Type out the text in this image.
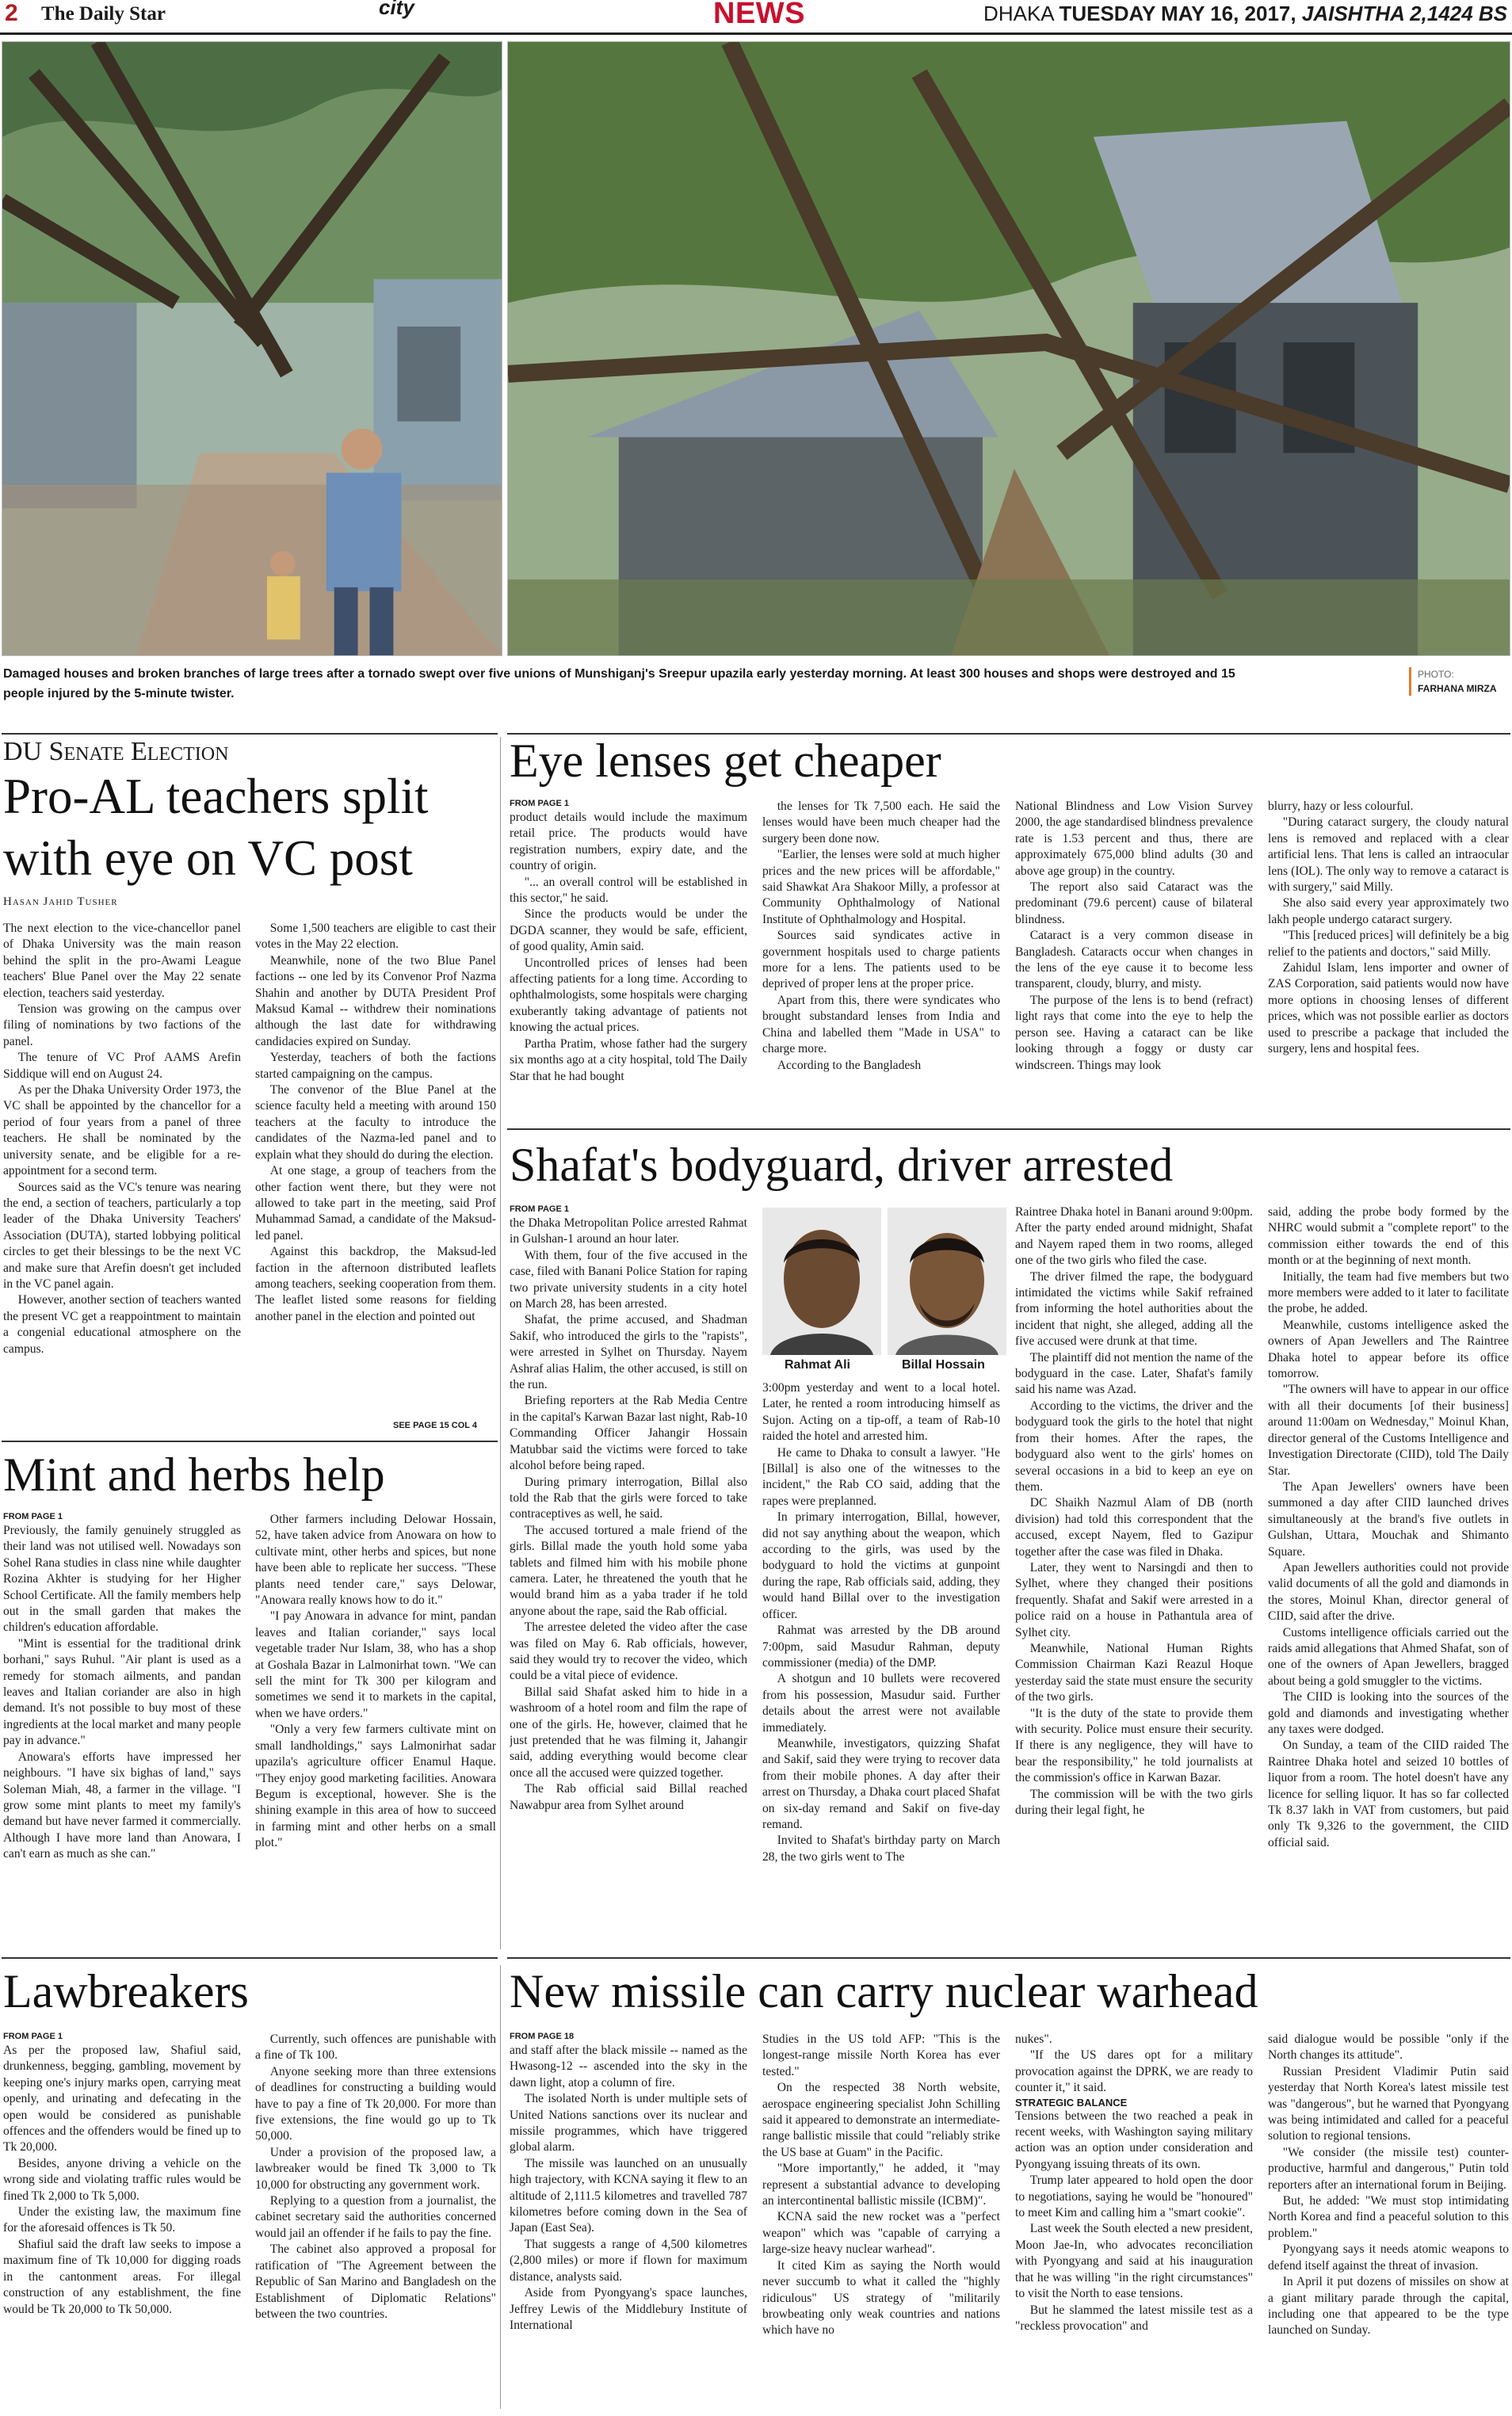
2 The Daily Star	city	NEWS	DHAKA TUESDAY MAY 16, 2017, JAISHTHA 2,1424 BS
Damaged houses and broken branches of large trees after a tornado swept over five unions of Munshiganj's Sreepur upazila early yesterday morning. At least 300 houses and shops were destroyed and 15 people injured by the 5-minute twister.
PHOTO:
FARHANA MIRZA
DU Senate Election
Pro-AL teachers split
with eye on VC post
Hasan Jahid Tusher

The next election to the vice-chancellor panel of Dhaka University was the main reason behind the split in the pro-Awami League teachers' Blue Panel over the May 22 senate election, teachers said yesterday.

Tension was growing on the campus over filing of nominations by two factions of the panel.

The tenure of VC Prof AAMS Arefin Siddique will end on August 24.

As per the Dhaka University Order 1973, the VC shall be appointed by the chancellor for a period of four years from a panel of three teachers. He shall be nominated by the university senate, and be eligible for a re-appointment for a second term.

Sources said as the VC's tenure was nearing the end, a section of teachers, particularly a top leader of the Dhaka University Teachers' Association (DUTA), started lobbying political circles to get their blessings to be the next VC and make sure that Arefin doesn't get included in the VC panel again.

However, another section of teachers wanted the present VC get a reappointment to maintain a congenial educational atmosphere on the campus.

Some 1,500 teachers are eligible to cast their votes in the May 22 election.

Meanwhile, none of the two Blue Panel factions -- one led by its Convenor Prof Nazma Shahin and another by DUTA President Prof Maksud Kamal -- withdrew their nominations although the last date for withdrawing candidacies expired on Sunday.

Yesterday, teachers of both the factions started campaigning on the campus.

The convenor of the Blue Panel at the science faculty held a meeting with around 150 teachers at the faculty to introduce the candidates of the Nazma-led panel and to explain what they should do during the election.

At one stage, a group of teachers from the other faction went there, but they were not allowed to take part in the meeting, said Prof Muhammad Samad, a candidate of the Maksud-led panel.

Against this backdrop, the Maksud-led faction in the afternoon distributed leaflets among teachers, seeking cooperation from them. The leaflet listed some reasons for fielding another panel in the election and pointed out

SEE PAGE 15 COL 4
Mint and herbs help
FROM PAGE 1

Previously, the family genuinely struggled as their land was not utilised well. Nowadays son Sohel Rana studies in class nine while daughter Rozina Akhter is studying for her Higher School Certificate. All the family members help out in the small garden that makes the children's education affordable.

"Mint is essential for the traditional drink borhani," says Ruhul. "Air plant is used as a remedy for stomach ailments, and pandan leaves and Italian coriander are also in high demand. It's not possible to buy most of these ingredients at the local market and many people pay in advance."

Anowara's efforts have impressed her neighbours. "I have six bighas of land," says Soleman Miah, 48, a farmer in the village. "I grow some mint plants to meet my family's demand but have never farmed it commercially. Although I have more land than Anowara, I can't earn as much as she can."

Other farmers including Delowar Hossain, 52, have taken advice from Anowara on how to cultivate mint, other herbs and spices, but none have been able to replicate her success. "These plants need tender care," says Delowar, "Anowara really knows how to do it."

"I pay Anowara in advance for mint, pandan leaves and Italian coriander," says local vegetable trader Nur Islam, 38, who has a shop at Goshala Bazar in Lalmonirhat town. "We can sell the mint for Tk 300 per kilogram and sometimes we send it to markets in the capital, when we have orders."

"Only a very few farmers cultivate mint on small landholdings," says Lalmonirhat sadar upazila's agriculture officer Enamul Haque. "They enjoy good marketing facilities. Anowara Begum is exceptional, however. She is the shining example in this area of how to succeed in farming mint and other herbs on a small plot."

Lawbreakers
FROM PAGE 1

As per the proposed law, Shafiul said, drunkenness, begging, gambling, movement by keeping one's injury marks open, carrying meat openly, and urinating and defecating in the open would be considered as punishable offences and the offenders would be fined up to Tk 20,000.

Besides, anyone driving a vehicle on the wrong side and violating traffic rules would be fined Tk 2,000 to Tk 5,000.

Under the existing law, the maximum fine for the aforesaid offences is Tk 50.

Shafiul said the draft law seeks to impose a maximum fine of Tk 10,000 for digging roads in the cantonment areas. For illegal construction of any establishment, the fine would be Tk 20,000 to Tk 50,000.

Currently, such offences are punishable with a fine of Tk 100.

Anyone seeking more than three extensions of deadlines for constructing a building would have to pay a fine of Tk 20,000. For more than five extensions, the fine would go up to Tk 50,000.

Under a provision of the proposed law, a lawbreaker would be fined Tk 3,000 to Tk 10,000 for obstructing any government work.

Replying to a question from a journalist, the cabinet secretary said the authorities concerned would jail an offender if he fails to pay the fine.

The cabinet also approved a proposal for ratification of "The Agreement between the Republic of San Marino and Bangladesh on the Establishment of Diplomatic Relations" between the two countries.

Eye lenses get cheaper
FROM PAGE 1

product details would include the maximum retail price. The products would have registration numbers, expiry date, and the country of origin.

"... an overall control will be established in this sector," he said.

Since the products would be under the DGDA scanner, they would be safe, efficient, of good quality, Amin said.

Uncontrolled prices of lenses had been affecting patients for a long time. According to ophthalmologists, some hospitals were charging exuberantly taking advantage of patients not knowing the actual prices.

Partha Pratim, whose father had the surgery six months ago at a city hospital, told The Daily Star that he had bought

the lenses for Tk 7,500 each. He said the lenses would have been much cheaper had the surgery been done now.

"Earlier, the lenses were sold at much higher prices and the new prices will be affordable," said Shawkat Ara Shakoor Milly, a professor at Community Ophthalmology of National Institute of Ophthalmology and Hospital.

Sources said syndicates active in government hospitals used to charge patients more for a lens. The patients used to be deprived of proper lens at the proper price.

Apart from this, there were syndicates who brought substandard lenses from India and China and labelled them "Made in USA" to charge more.

According to the Bangladesh

National Blindness and Low Vision Survey 2000, the age standardised blindness prevalence rate is 1.53 percent and thus, there are approximately 675,000 blind adults (30 and above age group) in the country.

The report also said Cataract was the predominant (79.6 percent) cause of bilateral blindness.

Cataract is a very common disease in Bangladesh. Cataracts occur when changes in the lens of the eye cause it to become less transparent, cloudy, blurry, and misty.

The purpose of the lens is to bend (refract) light rays that come into the eye to help the person see. Having a cataract can be like looking through a foggy or dusty car windscreen. Things may look

blurry, hazy or less colourful.

"During cataract surgery, the cloudy natural lens is removed and replaced with a clear artificial lens. That lens is called an intraocular lens (IOL). The only way to remove a cataract is with surgery," said Milly.

She also said every year approximately two lakh people undergo cataract surgery.

"This [reduced prices] will definitely be a big relief to the patients and doctors," said Milly.

Zahidul Islam, lens importer and owner of ZAS Corporation, said patients would now have more options in choosing lenses of different prices, which was not possible earlier as doctors used to prescribe a package that included the surgery, lens and hospital fees.

Shafat's bodyguard, driver arrested
Rahmat Ali	Billal Hossain
FROM PAGE 1

the Dhaka Metropolitan Police arrested Rahmat in Gulshan-1 around an hour later.

With them, four of the five accused in the case, filed with Banani Police Station for raping two private university students in a city hotel on March 28, has been arrested.

Shafat, the prime accused, and Shadman Sakif, who introduced the girls to the "rapists", were arrested in Sylhet on Thursday. Nayem Ashraf alias Halim, the other accused, is still on the run.

Briefing reporters at the Rab Media Centre in the capital's Karwan Bazar last night, Rab-10 Commanding Officer Jahangir Hossain Matubbar said the victims were forced to take alcohol before being raped.

During primary interrogation, Billal also told the Rab that the girls were forced to take contraceptives as well, he said.

The accused tortured a male friend of the girls. Billal made the youth hold some yaba tablets and filmed him with his mobile phone camera. Later, he threatened the youth that he would brand him as a yaba trader if he told anyone about the rape, said the Rab official.

The arrestee deleted the video after the case was filed on May 6. Rab officials, however, said they would try to recover the video, which could be a vital piece of evidence.

Billal said Shafat asked him to hide in a washroom of a hotel room and film the rape of one of the girls. He, however, claimed that he just pretended that he was filming it, Jahangir said, adding everything would become clear once all the accused were quizzed together.

The Rab official said Billal reached Nawabpur area from Sylhet around

3:00pm yesterday and went to a local hotel. Later, he rented a room introducing himself as Sujon. Acting on a tip-off, a team of Rab-10 raided the hotel and arrested him.

He came to Dhaka to consult a lawyer. "He [Billal] is also one of the witnesses to the incident," the Rab CO said, adding that the rapes were preplanned.

In primary interrogation, Billal, however, did not say anything about the weapon, which according to the girls, was used by the bodyguard to hold the victims at gunpoint during the rape, Rab officials said, adding, they would hand Billal over to the investigation officer.

Rahmat was arrested by the DB around 7:00pm, said Masudur Rahman, deputy commissioner (media) of the DMP.

A shotgun and 10 bullets were recovered from his possession, Masudur said. Further details about the arrest were not available immediately.

Meanwhile, investigators, quizzing Shafat and Sakif, said they were trying to recover data from their mobile phones. A day after their arrest on Thursday, a Dhaka court placed Shafat on six-day remand and Sakif on five-day remand.

Invited to Shafat's birthday party on March 28, the two girls went to The

Raintree Dhaka hotel in Banani around 9:00pm. After the party ended around midnight, Shafat and Nayem raped them in two rooms, alleged one of the two girls who filed the case.

The driver filmed the rape, the bodyguard intimidated the victims while Sakif refrained from informing the hotel authorities about the incident that night, she alleged, adding all the five accused were drunk at that time.

The plaintiff did not mention the name of the bodyguard in the case. Later, Shafat's family said his name was Azad.

According to the victims, the driver and the bodyguard took the girls to the hotel that night from their homes. After the rapes, the bodyguard also went to the girls' homes on several occasions in a bid to keep an eye on them.

DC Shaikh Nazmul Alam of DB (north division) had told this correspondent that the accused, except Nayem, fled to Gazipur together after the case was filed in Dhaka.

Later, they went to Narsingdi and then to Sylhet, where they changed their positions frequently. Shafat and Sakif were arrested in a police raid on a house in Pathantula area of Sylhet city.

Meanwhile, National Human Rights Commission Chairman Kazi Reazul Hoque yesterday said the state must ensure the security of the two girls.

"It is the duty of the state to provide them with security. Police must ensure their security. If there is any negligence, they will have to bear the responsibility," he told journalists at the commission's office in Karwan Bazar.

The commission will be with the two girls during their legal fight, he

said, adding the probe body formed by the NHRC would submit a "complete report" to the commission either towards the end of this month or at the beginning of next month.

Initially, the team had five members but two more members were added to it later to facilitate the probe, he added.

Meanwhile, customs intelligence asked the owners of Apan Jewellers and The Raintree Dhaka hotel to appear before its office tomorrow.

"The owners will have to appear in our office with all their documents [of their business] around 11:00am on Wednesday," Moinul Khan, director general of the Customs Intelligence and Investigation Directorate (CIID), told The Daily Star.

The Apan Jewellers' owners have been summoned a day after CIID launched drives simultaneously at the brand's five outlets in Gulshan, Uttara, Mouchak and Shimanto Square.

Apan Jewellers authorities could not provide valid documents of all the gold and diamonds in the stores, Moinul Khan, director general of CIID, said after the drive.

Customs intelligence officials carried out the raids amid allegations that Ahmed Shafat, son of one of the owners of Apan Jewellers, bragged about being a gold smuggler to the victims.

The CIID is looking into the sources of the gold and diamonds and investigating whether any taxes were dodged.

On Sunday, a team of the CIID raided The Raintree Dhaka hotel and seized 10 bottles of liquor from a room. The hotel doesn't have any licence for selling liquor. It has so far collected Tk 8.37 lakh in VAT from customers, but paid only Tk 9,326 to the government, the CIID official said.

New missile can carry nuclear warhead
FROM PAGE 18

and staff after the black missile -- named as the Hwasong-12 -- ascended into the sky in the dawn light, atop a column of fire.

The isolated North is under multiple sets of United Nations sanctions over its nuclear and missile programmes, which have triggered global alarm.

The missile was launched on an unusually high trajectory, with KCNA saying it flew to an altitude of 2,111.5 kilometres and travelled 787 kilometres before coming down in the Sea of Japan (East Sea).

That suggests a range of 4,500 kilometres (2,800 miles) or more if flown for maximum distance, analysts said.

Aside from Pyongyang's space launches, Jeffrey Lewis of the Middlebury Institute of International

Studies in the US told AFP: "This is the longest-range missile North Korea has ever tested."

On the respected 38 North website, aerospace engineering specialist John Schilling said it appeared to demonstrate an intermediate-range ballistic missile that could "reliably strike the US base at Guam" in the Pacific.

"More importantly," he added, it "may represent a substantial advance to developing an intercontinental ballistic missile (ICBM)".

KCNA said the new rocket was a "perfect weapon" which was "capable of carrying a large-size heavy nuclear warhead".

It cited Kim as saying the North would never succumb to what it called the "highly ridiculous" US strategy of "militarily browbeating only weak countries and nations which have no

nukes".

"If the US dares opt for a military provocation against the DPRK, we are ready to counter it," it said.

STRATEGIC BALANCE

Tensions between the two reached a peak in recent weeks, with Washington saying military action was an option under consideration and Pyongyang issuing threats of its own.

Trump later appeared to hold open the door to negotiations, saying he would be "honoured" to meet Kim and calling him a "smart cookie".

Last week the South elected a new president, Moon Jae-In, who advocates reconciliation with Pyongyang and said at his inauguration that he was willing "in the right circumstances" to visit the North to ease tensions.

But he slammed the latest missile test as a "reckless provocation" and

said dialogue would be possible "only if the North changes its attitude".

Russian President Vladimir Putin said yesterday that North Korea's latest missile test was "dangerous", but he warned that Pyongyang was being intimidated and called for a peaceful solution to regional tensions.

"We consider (the missile test) counter-productive, harmful and dangerous," Putin told reporters after an international forum in Beijing.

But, he added: "We must stop intimidating North Korea and find a peaceful solution to this problem."

Pyongyang says it needs atomic weapons to defend itself against the threat of invasion.

In April it put dozens of missiles on show at a giant military parade through the capital, including one that appeared to be the type launched on Sunday.
